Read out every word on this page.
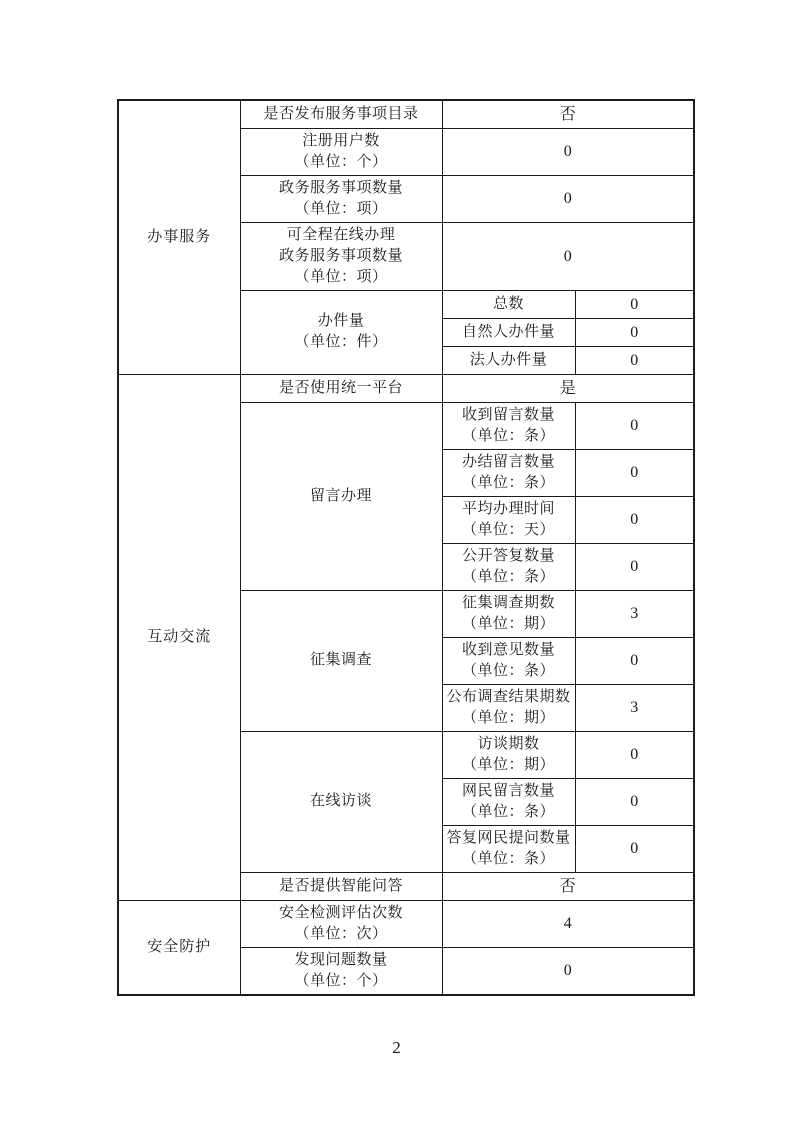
办事服务	是否发布服务事项目录	否	

	注册用户数
（单位：个）	0	

	政务服务事项数量
（单位：项）	0	

	可全程在线办理
政务服务事项数量
（单位：项）	0	

	办件量
（单位：件）	总数	0

		自然人办件量	0

		法人办件量	0
互动交流	是否使用统一平台	是	

	留言办理	收到留言数量
（单位：条）	0

		办结留言数量
（单位：条）	0

		平均办理时间
（单位：天）	0

		公开答复数量
（单位：条）	0

	征集调查	征集调查期数
（单位：期）	3

		收到意见数量
（单位：条）	0

		公布调查结果期数
（单位：期）	3

	在线访谈	访谈期数
（单位：期）	0

		网民留言数量
（单位：条）	0

		答复网民提问数量
（单位：条）	0

	是否提供智能问答	否	
安全防护	安全检测评估次数
（单位：次）	4	

	发现问题数量
（单位：个）	0	
2
